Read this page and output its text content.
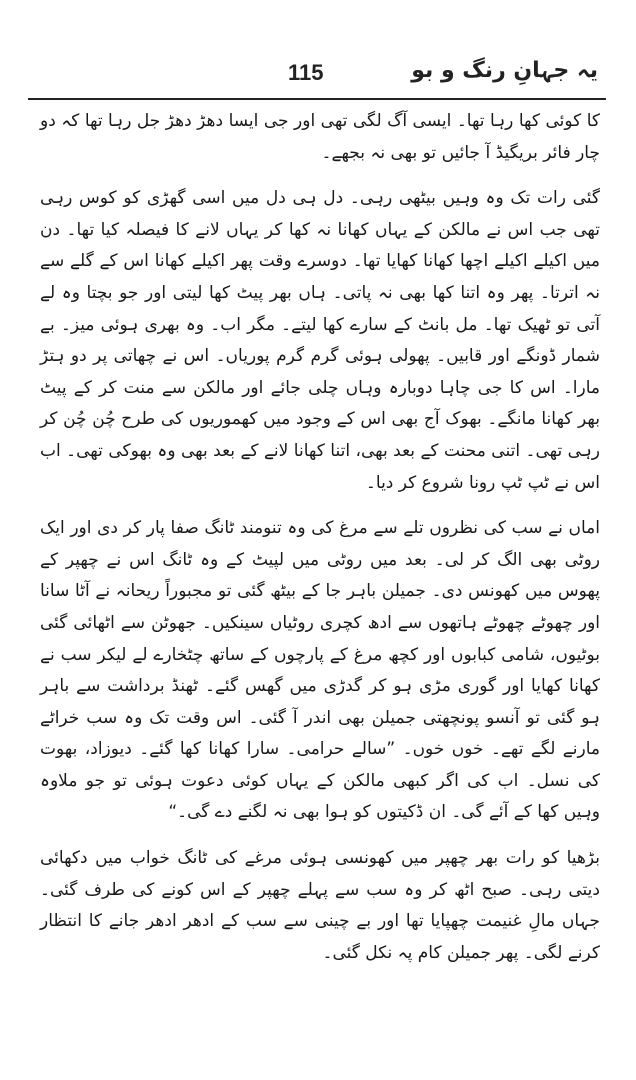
115	یہ جہانِ رنگ و بو

کا کوئی کھا رہا تھا۔ ایسی آگ لگی تھی اور جی ایسا دھڑ دھڑ جل رہا تھا کہ دو چار فائر بریگیڈ آ جائیں تو بھی نہ بجھے۔

گئی رات تک وہ وہیں بیٹھی رہی۔ دل ہی دل میں اسی گھڑی کو کوس رہی تھی جب اس نے مالکن کے یہاں کھانا نہ کھا کر یہاں لانے کا فیصلہ کیا تھا۔ دن میں اکیلے اکیلے اچھا کھانا کھایا تھا۔ دوسرے وقت پھر اکیلے کھانا اس کے گلے سے نہ اترتا۔ پھر وہ اتنا کھا بھی نہ پاتی۔ ہاں بھر پیٹ کھا لیتی اور جو بچتا وہ لے آتی تو ٹھیک تھا۔ مل بانٹ کے سارے کھا لیتے۔ مگر اب۔ وہ بھری ہوئی میز۔ بے شمار ڈونگے اور قابیں۔ پھولی ہوئی گرم گرم پوریاں۔ اس نے چھاتی پر دو ہتڑ مارا۔ اس کا جی چاہا دوبارہ وہاں چلی جائے اور مالکن سے منت کر کے پیٹ بھر کھانا مانگے۔ بھوک آج بھی اس کے وجود میں کھموریوں کی طرح چُن چُن کر رہی تھی۔ اتنی محنت کے بعد بھی، اتنا کھانا لانے کے بعد بھی وہ بھوکی تھی۔ اب اس نے ٹپ ٹپ رونا شروع کر دیا۔

اماں نے سب کی نظروں تلے سے مرغ کی وہ تنومند ٹانگ صفا پار کر دی اور ایک روٹی بھی الگ کر لی۔ بعد میں روٹی میں لپیٹ کے وہ ٹانگ اس نے چھپر کے پھوس میں کھونس دی۔ جمیلن باہر جا کے بیٹھ گئی تو مجبوراً ریحانہ نے آٹا سانا اور چھوٹے چھوٹے ہاتھوں سے ادھ کچری روٹیاں سینکیں۔ جھوٹن سے اٹھائی گئی بوٹیوں، شامی کبابوں اور کچھ مرغ کے پارچوں کے ساتھ چٹخارے لے لیکر سب نے کھانا کھایا اور گوری مڑی ہو کر گدڑی میں گھس گئے۔ ٹھنڈ برداشت سے باہر ہو گئی تو آنسو پونچھتی جمیلن بھی اندر آ گئی۔ اس وقت تک وہ سب خراٹے مارنے لگے تھے۔ خوں خوں۔ ”سالے حرامی۔ سارا کھانا کھا گئے۔ دیوزاد، بھوت کی نسل۔ اب کی اگر کبھی مالکن کے یہاں کوئی دعوت ہوئی تو جو ملاوہ وہیں کھا کے آئے گی۔ ان ڈکیتوں کو ہوا بھی نہ لگنے دے گی۔“

بڑھیا کو رات بھر چھپر میں کھونسی ہوئی مرغے کی ٹانگ خواب میں دکھائی دیتی رہی۔ صبح اٹھ کر وہ سب سے پہلے چھپر کے اس کونے کی طرف گئی۔ جہاں مالِ غنیمت چھپایا تھا اور بے چینی سے سب کے ادھر ادھر جانے کا انتظار کرنے لگی۔ پھر جمیلن کام پہ نکل گئی۔
